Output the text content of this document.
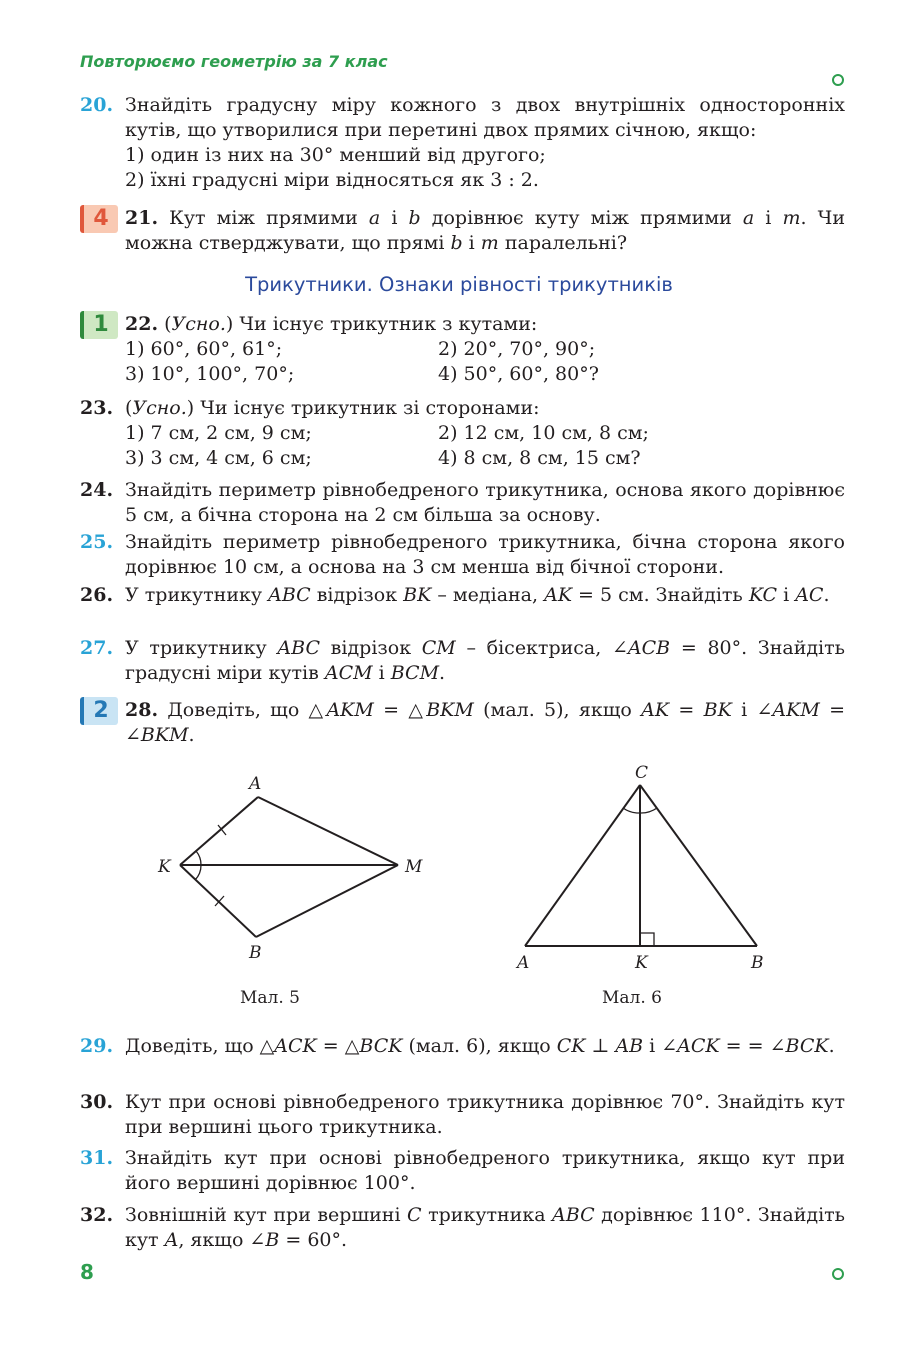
Повторюємо геометрію за 7 клас
20. Знайдіть градусну міру кожного з двох внутрішніх односторонніх кутів, що утворилися при перетині двох прямих січною, якщо:
1) один із них на 30° менший від другого;
2) їхні градусні міри відносяться як 3 : 2.
4 21. Кут між прямими a і b дорівнює куту між прямими a і m. Чи можна стверджувати, що прямі b і m паралельні?
Трикутники. Ознаки рівності трикутників
1 22. (Усно.) Чи існує трикутник з кутами:
1) 60°, 60°, 61°;	2) 20°, 70°, 90°;
3) 10°, 100°, 70°;	4) 50°, 60°, 80°?
23. (Усно.) Чи існує трикутник зі сторонами:
1) 7 см, 2 см, 9 см;	2) 12 см, 10 см, 8 см;
3) 3 см, 4 см, 6 см;	4) 8 см, 8 см, 15 см?
24. Знайдіть периметр рівнобедреного трикутника, основа якого дорівнює 5 см, а бічна сторона на 2 см більша за основу.
25. Знайдіть периметр рівнобедреного трикутника, бічна сторона якого дорівнює 10 см, а основа на 3 см менша від бічної сторони.
26. У трикутнику ABC відрізок BK – медіана, AK = 5 см. Знайдіть KC і AC.
27. У трикутнику ABC відрізок CM – бісектриса, ∠ACB = 80°. Знайдіть градусні міри кутів ACM і BCM.
2 28. Доведіть, що △AKM = △BKM (мал. 5), якщо AK = BK і ∠AKM = ∠BKM.
A
K	M
B
C
A	K	B
Мал. 5	Мал. 6
29. Доведіть, що △ACK = △BCK (мал. 6), якщо CK ⊥ AB і ∠ACK = = ∠BCK.
30. Кут при основі рівнобедреного трикутника дорівнює 70°. Знайдіть кут при вершині цього трикутника.
31. Знайдіть кут при основі рівнобедреного трикутника, якщо кут при його вершині дорівнює 100°.
32. Зовнішній кут при вершині C трикутника ABC дорівнює 110°. Знайдіть кут A, якщо ∠B = 60°.
8
